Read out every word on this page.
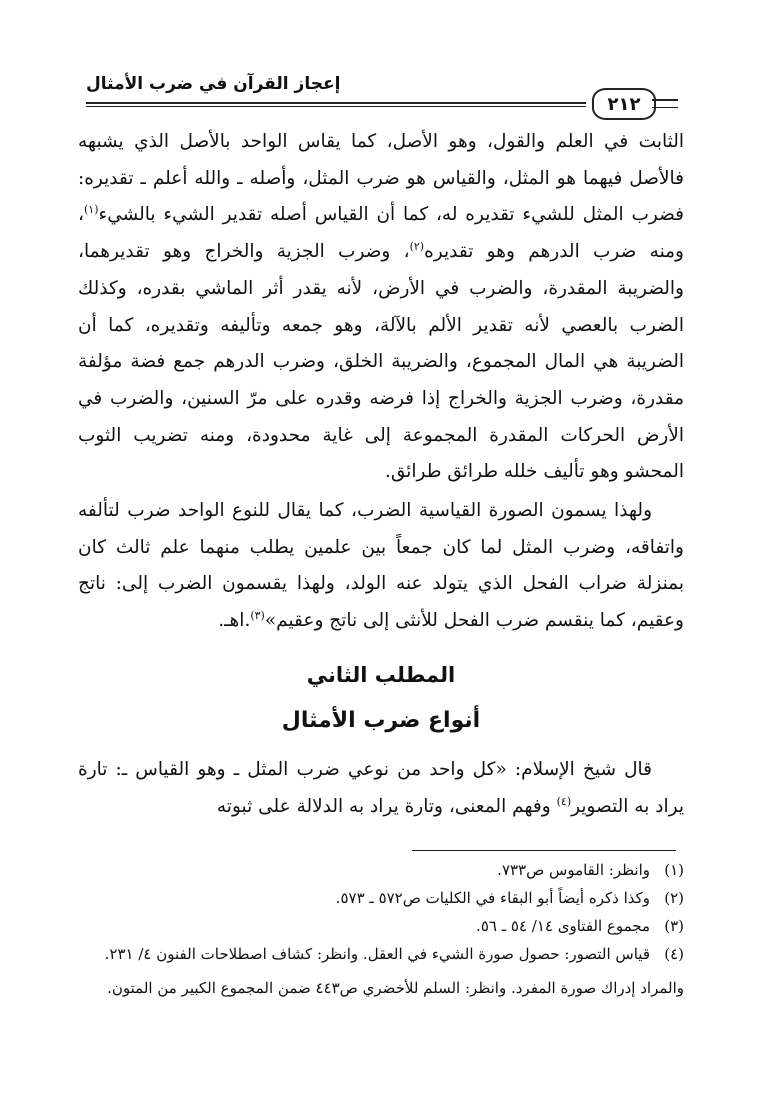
إعجاز القرآن في ضرب الأمثال
٢١٢

الثابت في العلم والقول، وهو الأصل، كما يقاس الواحد بالأصل الذي يشبهه فالأصل فيهما هو المثل، والقياس هو ضرب المثل، وأصله ـ والله أعلم ـ تقديره: فضرب المثل للشيء تقديره له، كما أن القياس أصله تقدير الشيء بالشيء$^{(١)}$، ومنه ضرب الدرهم وهو تقديره$^{(٢)}$، وضرب الجزية والخراج وهو تقديرهما، والضريبة المقدرة، والضرب في الأرض، لأنه يقدر أثر الماشي بقدره، وكذلك الضرب بالعصي لأنه تقدير الألم بالآلة، وهو جمعه وتأليفه وتقديره، كما أن الضريبة هي المال المجموع، والضريبة الخلق، وضرب الدرهم جمع فضة مؤلفة مقدرة، وضرب الجزية والخراج إذا فرضه وقدره على مرّ السنين، والضرب في الأرض الحركات المقدرة المجموعة إلى غاية محدودة، ومنه تضريب الثوب المحشو وهو تأليف خلله طرائق طرائق.

ولهذا يسمون الصورة القياسية الضرب، كما يقال للنوع الواحد ضرب لتألفه واتفاقه، وضرب المثل لما كان جمعاً بين علمين يطلب منهما علم ثالث كان بمنزلة ضراب الفحل الذي يتولد عنه الولد، ولهذا يقسمون الضرب إلى: ناتج وعقيم، كما ينقسم ضرب الفحل للأنثى إلى ناتج وعقيم»$^{(٣)}$.اهـ.

المطلب الثاني
أنواع ضرب الأمثال

قال شيخ الإسلام: «كل واحد من نوعي ضرب المثل ـ وهو القياس ـ: تارة يراد به التصوير$^{(٤)}$ وفهم المعنى، وتارة يراد به الدلالة على ثبوته

(١)
وانظر: القاموس ص٧٣٣.
(٢)
وكذا ذكره أيضاً أبو البقاء في الكليات ص٥٧٢ ـ ٥٧٣.
(٣)
مجموع الفتاوى ١٤/ ٥٤ ـ ٥٦.
(٤)
قياس التصور: حصول صورة الشيء في العقل. وانظر: كشاف اصطلاحات الفنون ٤/ ٢٣١.
والمراد إدراك صورة المفرد. وانظر: السلم للأخضري ص٤٤٣ ضمن المجموع الكبير من المتون.
